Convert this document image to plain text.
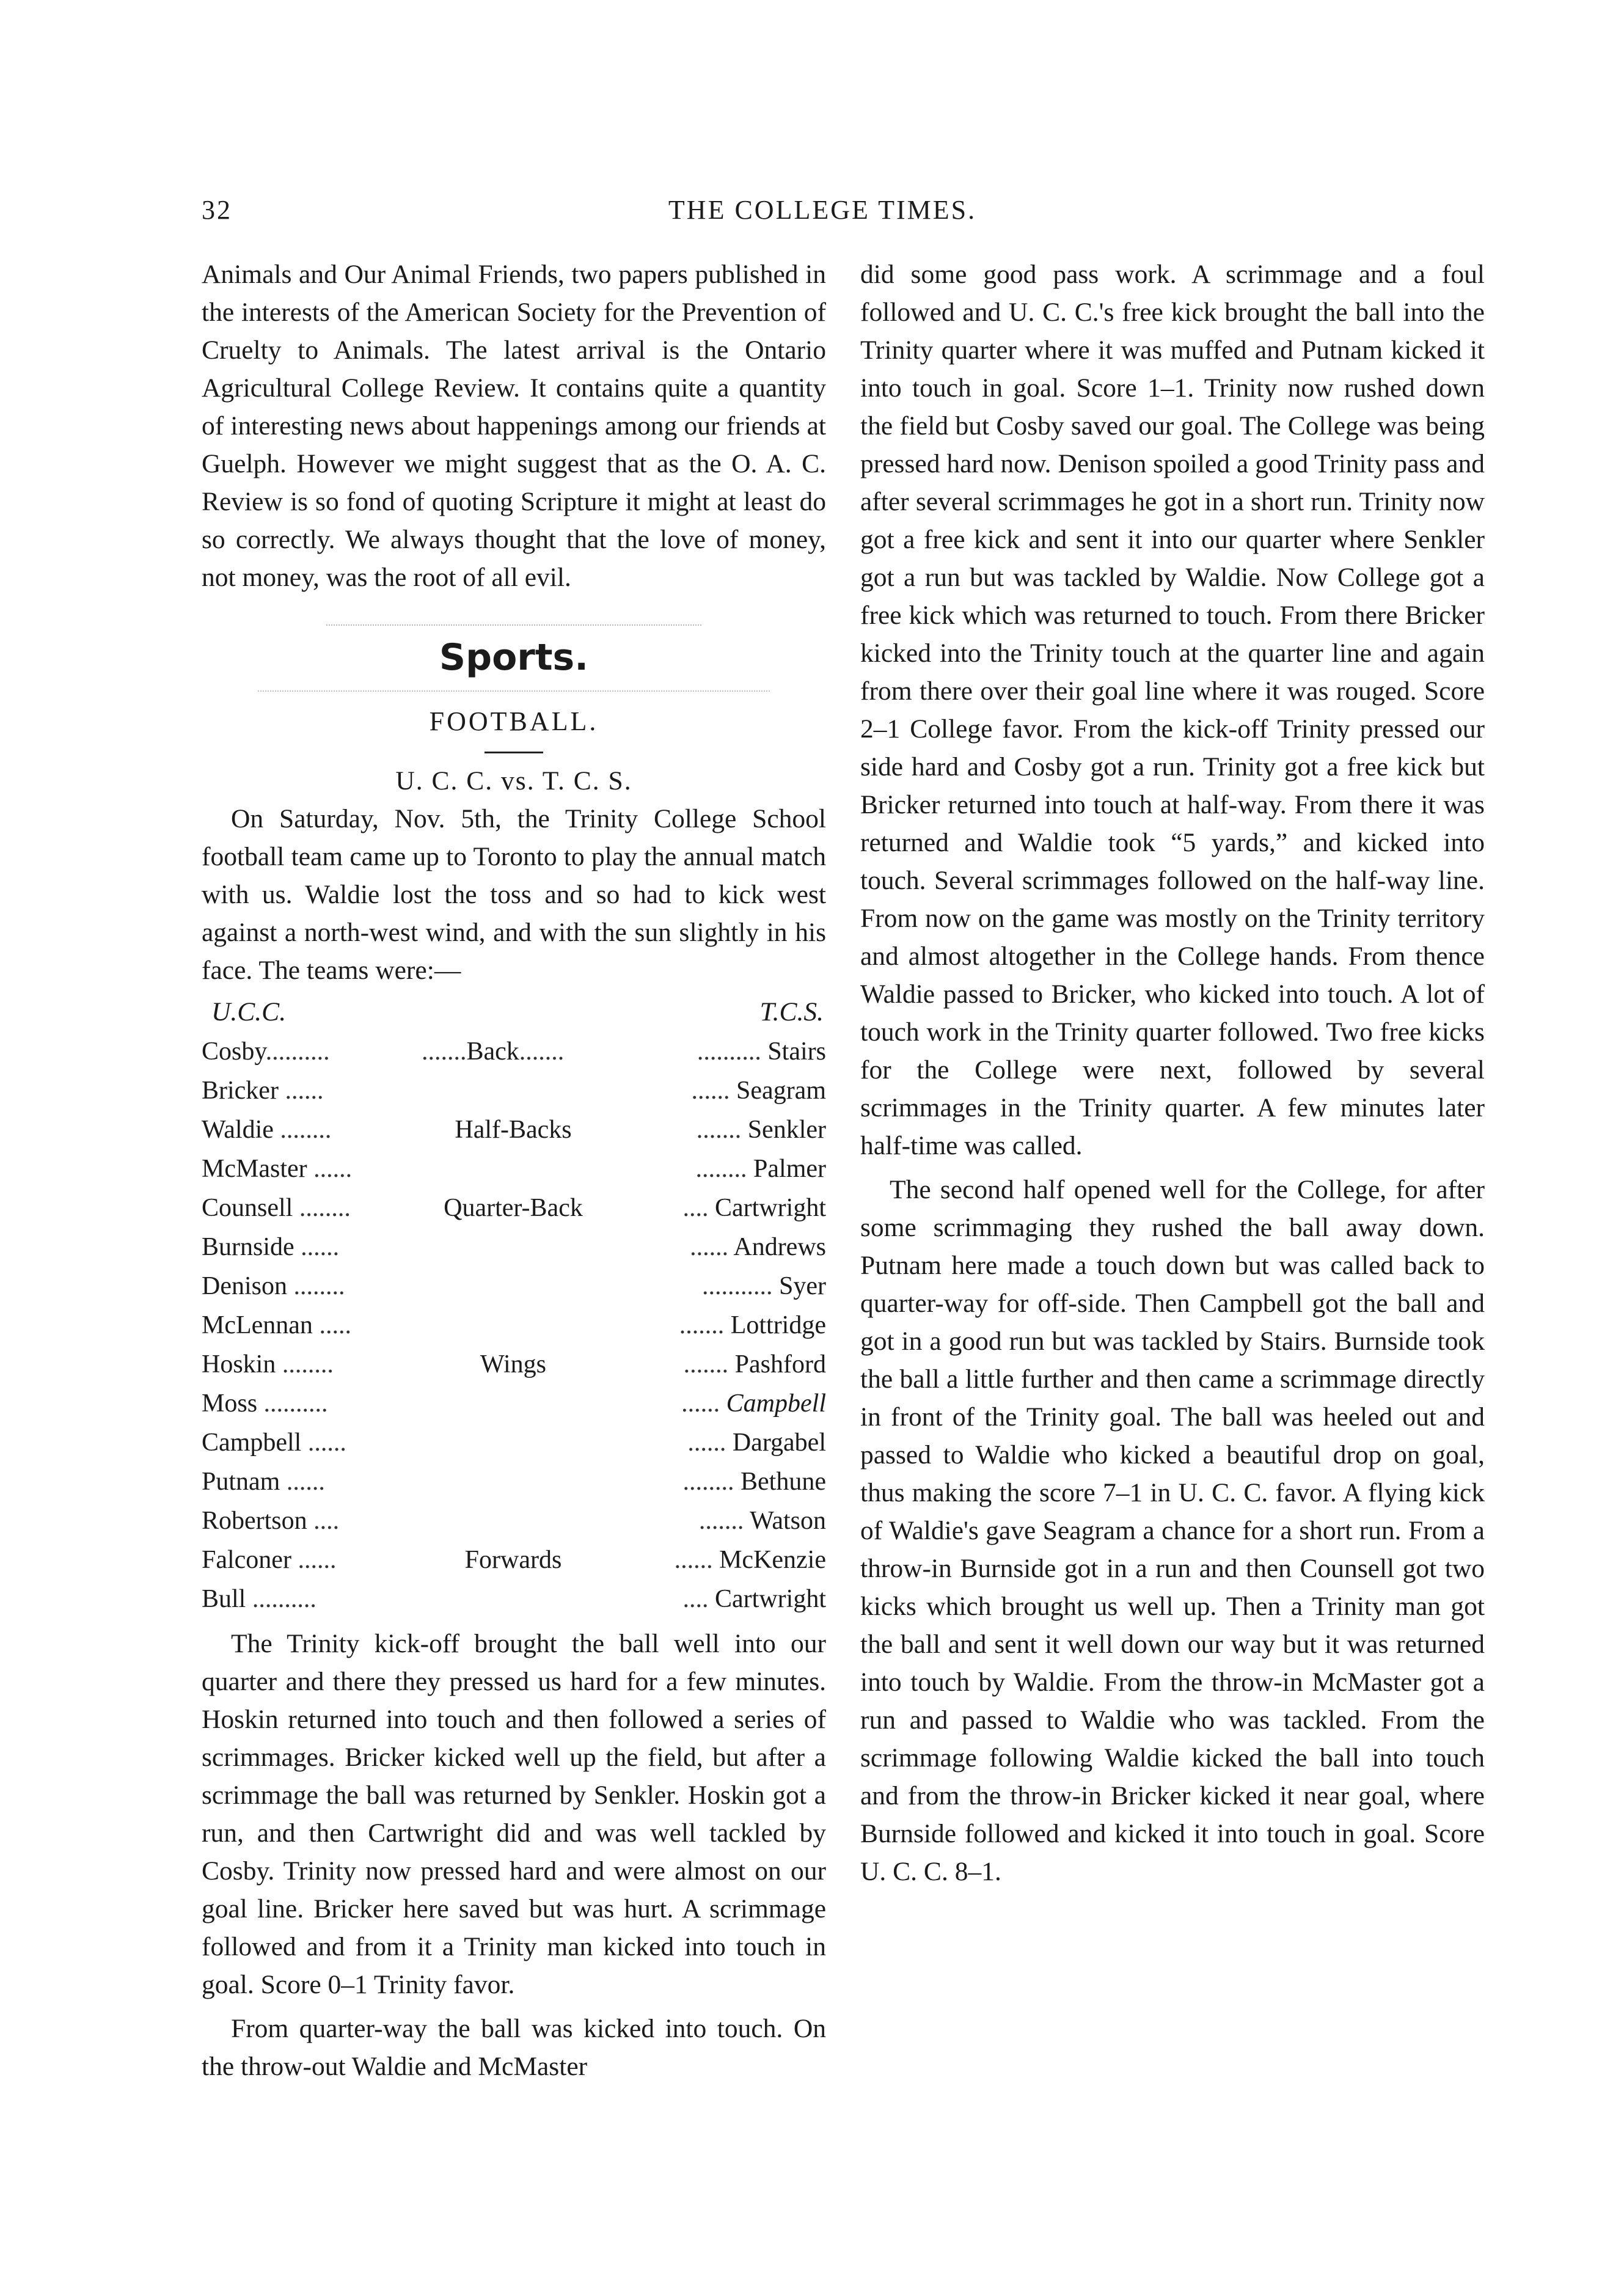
32	THE COLLEGE TIMES.

Animals and Our Animal Friends, two papers published in the interests of the American Society for the Prevention of Cruelty to Animals. The latest arrival is the Ontario Agricultural College Review. It contains quite a quantity of interesting news about happenings among our friends at Guelph. However we might suggest that as the O. A. C. Review is so fond of quoting Scripture it might at least do so correctly. We always thought that the love of money, not money, was the root of all evil.

Sports.
FOOTBALL.
U. C. C. vs. T. C. S.

On Saturday, Nov. 5th, the Trinity College School football team came up to Toronto to play the annual match with us. Waldie lost the toss and so had to kick west against a north-west wind, and with the sun slightly in his face. The teams were:—

U.C.C.	T.C.S.
Cosby..........
Bricker ......
Waldie ........
McMaster ......
Counsell ........
Burnside ......
Denison ........
McLennan .....
Hoskin ........
Moss ..........
Campbell ......
Putnam ......
Robertson ....
Falconer ......
Bull ..........
....... Back .......
Half-Backs
Quarter-Back
Wings
Forwards
.......... Stairs
...... Seagram
....... Senkler
........ Palmer
.... Cartwright
...... Andrews
........... Syer
....... Lottridge
....... Pashford
...... Campbell
...... Dargabel
........ Bethune
....... Watson
...... McKenzie
.... Cartwright

The Trinity kick-off brought the ball well into our quarter and there they pressed us hard for a few minutes. Hoskin returned into touch and then followed a series of scrimmages. Bricker kicked well up the field, but after a scrimmage the ball was returned by Senkler. Hoskin got a run, and then Cartwright did and was well tackled by Cosby. Trinity now pressed hard and were almost on our goal line. Bricker here saved but was hurt. A scrimmage followed and from it a Trinity man kicked into touch in goal. Score 0–1 Trinity favor.

From quarter-way the ball was kicked into touch. On the throw-out Waldie and McMaster

did some good pass work. A scrimmage and a foul followed and U. C. C.'s free kick brought the ball into the Trinity quarter where it was muffed and Putnam kicked it into touch in goal. Score 1–1. Trinity now rushed down the field but Cosby saved our goal. The College was being pressed hard now. Denison spoiled a good Trinity pass and after several scrimmages he got in a short run. Trinity now got a free kick and sent it into our quarter where Senkler got a run but was tackled by Waldie. Now College got a free kick which was returned to touch. From there Bricker kicked into the Trinity touch at the quarter line and again from there over their goal line where it was rouged. Score 2–1 College favor. From the kick-off Trinity pressed our side hard and Cosby got a run. Trinity got a free kick but Bricker returned into touch at half-way. From there it was returned and Waldie took “5 yards,” and kicked into touch. Several scrimmages followed on the half-way line. From now on the game was mostly on the Trinity territory and almost altogether in the College hands. From thence Waldie passed to Bricker, who kicked into touch. A lot of touch work in the Trinity quarter followed. Two free kicks for the College were next, followed by several scrimmages in the Trinity quarter. A few minutes later half-time was called.

The second half opened well for the College, for after some scrimmaging they rushed the ball away down. Putnam here made a touch down but was called back to quarter-way for off-side. Then Campbell got the ball and got in a good run but was tackled by Stairs. Burnside took the ball a little further and then came a scrimmage directly in front of the Trinity goal. The ball was heeled out and passed to Waldie who kicked a beautiful drop on goal, thus making the score 7–1 in U. C. C. favor. A flying kick of Waldie's gave Seagram a chance for a short run. From a throw-in Burnside got in a run and then Counsell got two kicks which brought us well up. Then a Trinity man got the ball and sent it well down our way but it was returned into touch by Waldie. From the throw-in McMaster got a run and passed to Waldie who was tackled. From the scrimmage following Waldie kicked the ball into touch and from the throw-in Bricker kicked it near goal, where Burnside followed and kicked it into touch in goal. Score U. C. C. 8–1.
